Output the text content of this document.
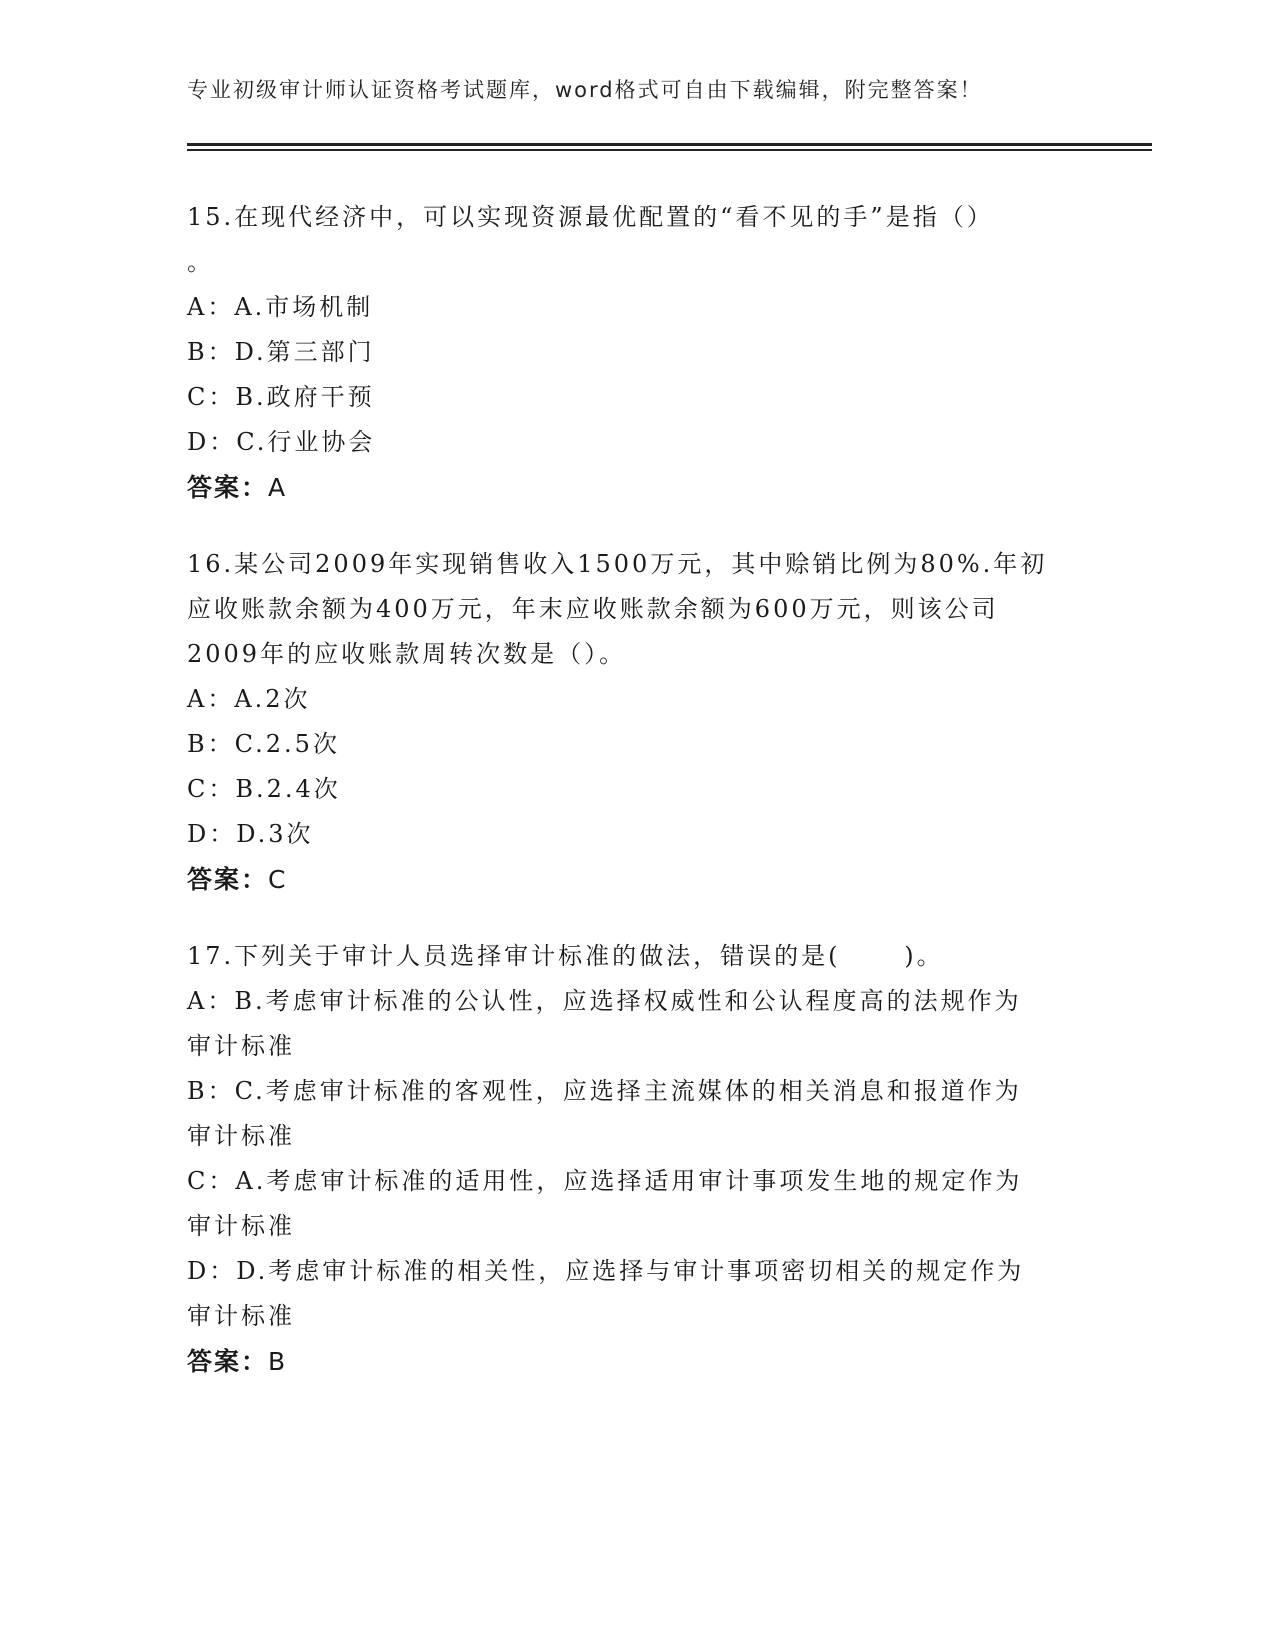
专业初级审计师认证资格考试题库，word格式可自由下载编辑，附完整答案！
15.在现代经济中，可以实现资源最优配置的“看不见的手”是指（）
。
A：A.市场机制
B：D.第三部门
C：B.政府干预
D：C.行业协会
答案：A
16.某公司2009年实现销售收入1500万元，其中赊销比例为80%.年初
应收账款余额为400万元，年末应收账款余额为600万元，则该公司
2009年的应收账款周转次数是（）。
A：A.2次
B：C.2.5次
C：B.2.4次
D：D.3次
答案：C
17.下列关于审计人员选择审计标准的做法，错误的是(      )。
A：B.考虑审计标准的公认性，应选择权威性和公认程度高的法规作为
审计标准
B：C.考虑审计标准的客观性，应选择主流媒体的相关消息和报道作为
审计标准
C：A.考虑审计标准的适用性，应选择适用审计事项发生地的规定作为
审计标准
D：D.考虑审计标准的相关性，应选择与审计事项密切相关的规定作为
审计标准
答案：B
